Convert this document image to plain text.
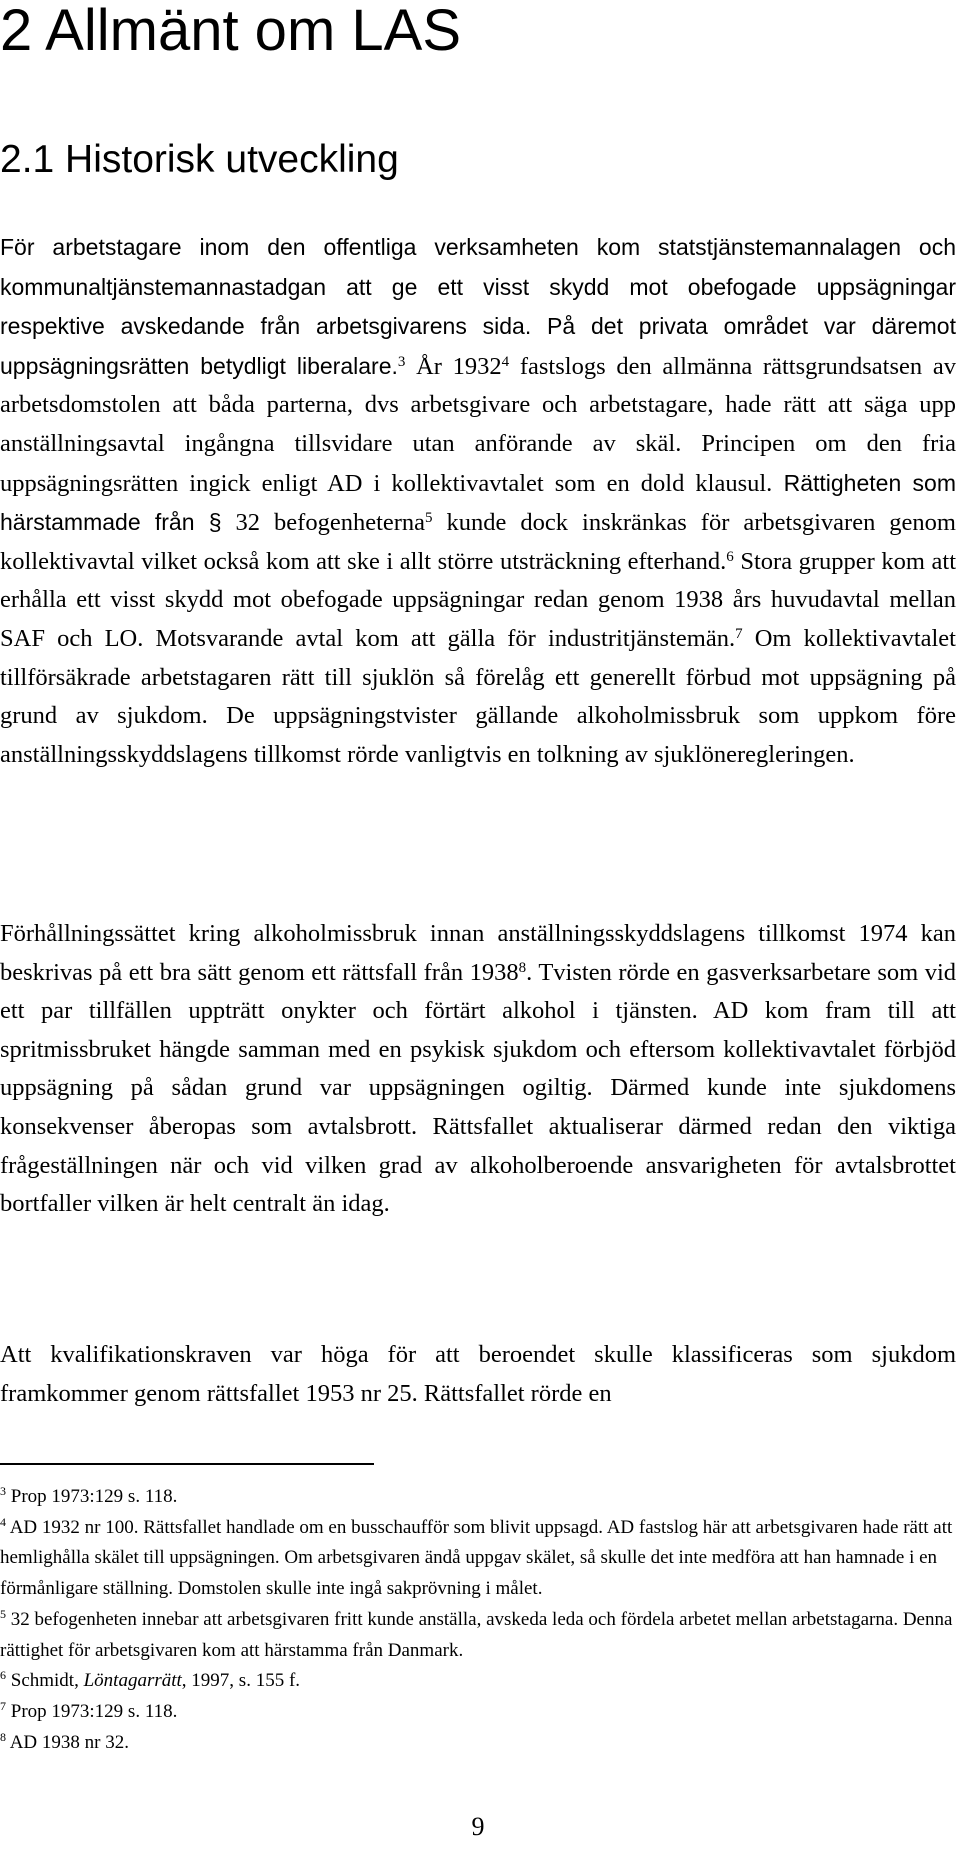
2 Allmänt om LAS
2.1 Historisk utveckling

För arbetstagare inom den offentliga verksamheten kom statstjänstemannalagen och kommunaltjänstemannastadgan att ge ett visst skydd mot obefogade uppsägningar respektive avskedande från arbetsgivarens sida. På det privata området var däremot uppsägningsrätten betydligt liberalare.$^3$ År 1932$^4$ fastslogs den allmänna rättsgrundsatsen av arbetsdomstolen att båda parterna, dvs arbetsgivare och arbetstagare, hade rätt att säga upp anställningsavtal ingångna tillsvidare utan anförande av skäl. Principen om den fria uppsägningsrätten ingick enligt AD i kollektivavtalet som en dold klausul. Rättigheten som härstammade från § 32 befogenheterna$^5$ kunde dock inskränkas för arbetsgivaren genom kollektivavtal vilket också kom att ske i allt större utsträckning efterhand.$^6$ Stora grupper kom att erhålla ett visst skydd mot obefogade uppsägningar redan genom 1938 års huvudavtal mellan SAF och LO. Motsvarande avtal kom att gälla för industritjänstemän.$^7$ Om kollektivavtalet tillförsäkrade arbetstagaren rätt till sjuklön så förelåg ett generellt förbud mot uppsägning på grund av sjukdom. De uppsägningstvister gällande alkoholmissbruk som uppkom före anställningsskyddslagens tillkomst rörde vanligtvis en tolkning av sjuklöneregleringen.

Förhållningssättet kring alkoholmissbruk innan anställningsskyddslagens tillkomst 1974 kan beskrivas på ett bra sätt genom ett rättsfall från 1938$^8$. Tvisten rörde en gasverksarbetare som vid ett par tillfällen uppträtt onykter och förtärt alkohol i tjänsten. AD kom fram till att spritmissbruket hängde samman med en psykisk sjukdom och eftersom kollektivavtalet förbjöd uppsägning på sådan grund var uppsägningen ogiltig. Därmed kunde inte sjukdomens konsekvenser åberopas som avtalsbrott. Rättsfallet aktualiserar därmed redan den viktiga frågeställningen när och vid vilken grad av alkoholberoende ansvarigheten för avtalsbrottet bortfaller vilken är helt centralt än idag.

Att kvalifikationskraven var höga för att beroendet skulle klassificeras som sjukdom framkommer genom rättsfallet 1953 nr 25. Rättsfallet rörde en

$^3$ Prop 1973:129 s. 118.

$^4$ AD 1932 nr 100. Rättsfallet handlade om en busschaufför som blivit uppsagd. AD fastslog här att arbetsgivaren hade rätt att hemlighålla skälet till uppsägningen. Om arbetsgivaren ändå uppgav skälet, så skulle det inte medföra att han hamnade i en förmånligare ställning. Domstolen skulle inte ingå sakprövning i målet.

$^5$ 32 befogenheten innebar att arbetsgivaren fritt kunde anställa, avskeda leda och fördela arbetet mellan arbetstagarna. Denna rättighet för arbetsgivaren kom att härstamma från Danmark.

$^6$ Schmidt, Löntagarrätt, 1997, s. 155 f.

$^7$ Prop 1973:129 s. 118.

$^8$ AD 1938 nr 32.

9
